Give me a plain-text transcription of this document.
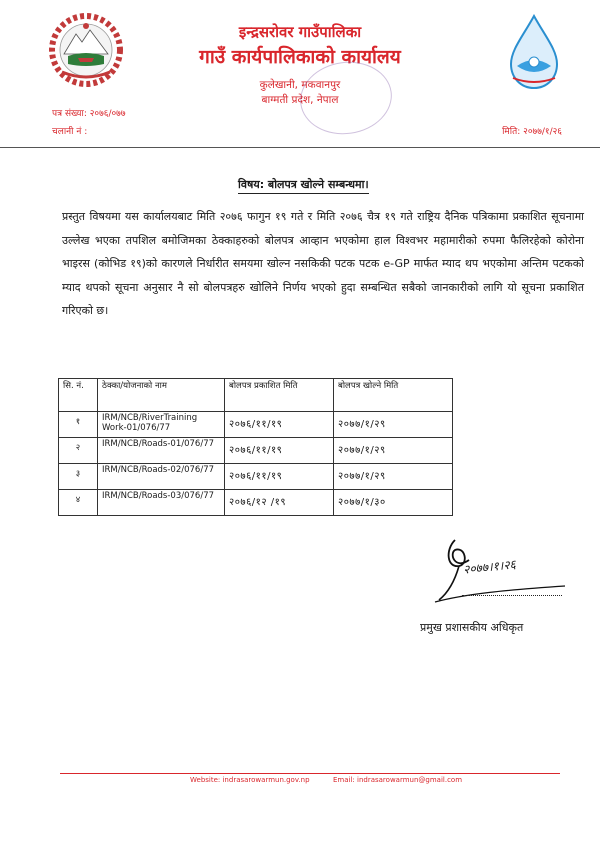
इन्द्रसरोवर गाउँपालिका
गाउँ कार्यपालिकाको कार्यालय
कुलेखानी, मकवानपुर
बाग्मती प्रदेश, नेपाल
पत्र संख्या: २०७६/०७७
चलानी नं :	मिति: २०७७/१/२६
विषय: बोलपत्र खोल्ने सम्बन्धमा।
प्रस्तुत विषयमा यस कार्यालयबाट मिति २०७६ फागुन १९ गते र मिति २०७६ चैत्र १९ गते राष्ट्रिय दैनिक पत्रिकामा प्रकाशित सूचनामा उल्लेख भएका तपशिल बमोजिमका ठेक्काहरुको बोलपत्र आव्हान भएकोमा हाल विश्वभर महामारीको रुपमा फैलिरहेको कोरोना भाइरस (कोभिड १९)को कारणले निर्धारीत समयमा खोल्न नसकिकी पटक पटक e-GP मार्फत म्याद थप भएकोमा अन्तिम पटकको म्याद थपको सूचना अनुसार नै सो बोलपत्रहरु खोलिने निर्णय भएको हुदा सम्बन्धित सबैको जानकारीको लागि यो सूचना प्रकाशित गरिएको छ।
सि. नं.	ठेक्का/योजनाको नाम	बोलपत्र प्रकाशित मिति	बोलपत्र खोल्ने मिति
१	IRM/NCB/RiverTraining Work-01/076/77	२०७६/११/१९	२०७७/१/२९
२	IRM/NCB/Roads-01/076/77	२०७६/११/१९	२०७७/१/२९
३	IRM/NCB/Roads-02/076/77	२०७६/११/१९	२०७७/१/२९
४	IRM/NCB/Roads-03/076/77	२०७६/१२ /१९	२०७७/१/३०
२०७७।१।२६
प्रमुख प्रशासकीय अधिकृत
Website: indrasarowarmun.gov.np	Email: indrasarowarmun@gmail.com
